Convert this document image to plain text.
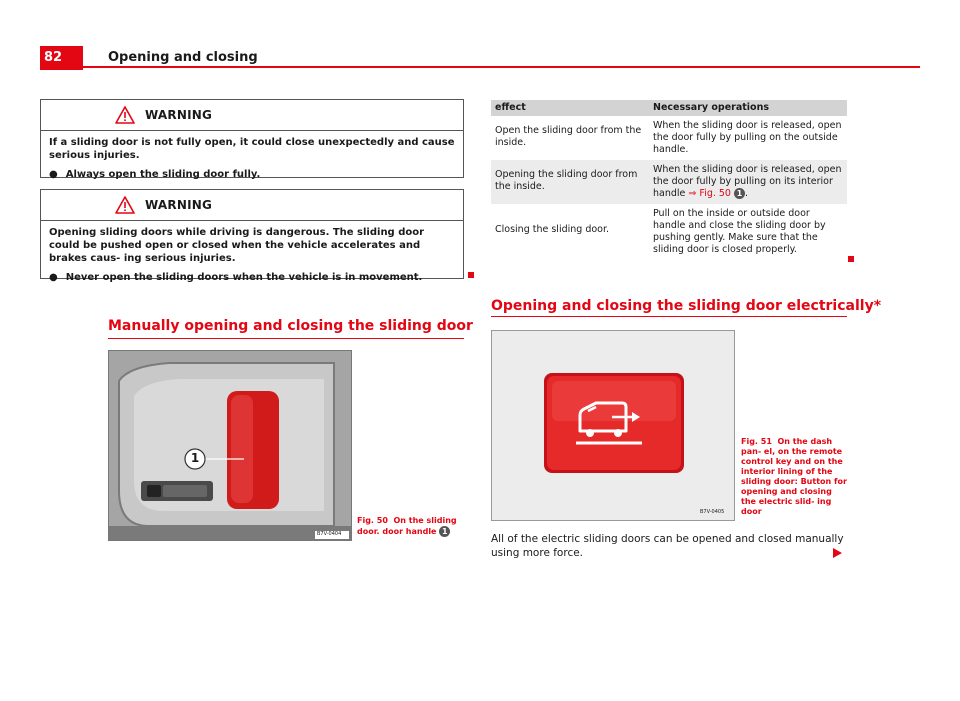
82	Opening and closing
WARNING

If a sliding door is not fully open, it could close unexpectedly and cause serious injuries.

● Always open the sliding door fully.

WARNING

Opening sliding doors while driving is dangerous. The sliding door could be pushed open or closed when the vehicle accelerates and brakes caus- ing serious injuries.

● Never open the sliding doors when the vehicle is in movement.

Manually opening and closing the sliding door
1
B7V-0404
Fig. 50 On the sliding door. door handle 1
effect	Necessary operations
Open the sliding door from the inside.	When the sliding door is released, open the door fully by pulling on the outside handle.
Opening the sliding door from the inside.	When the sliding door is released, open the door fully by pulling on its interior handle ⇒ Fig. 50 1 .
Closing the sliding door.	Pull on the inside or outside door handle and close the sliding door by pushing gently. Make sure that the sliding door is closed properly.
Opening and closing the sliding door electrically*
B7V-0405
Fig. 51 On the dash pan- el, on the remote control key and on the interior lining of the sliding door: Button for opening and closing the electric slid- ing door
All of the electric sliding doors can be opened and closed manually using more force.
